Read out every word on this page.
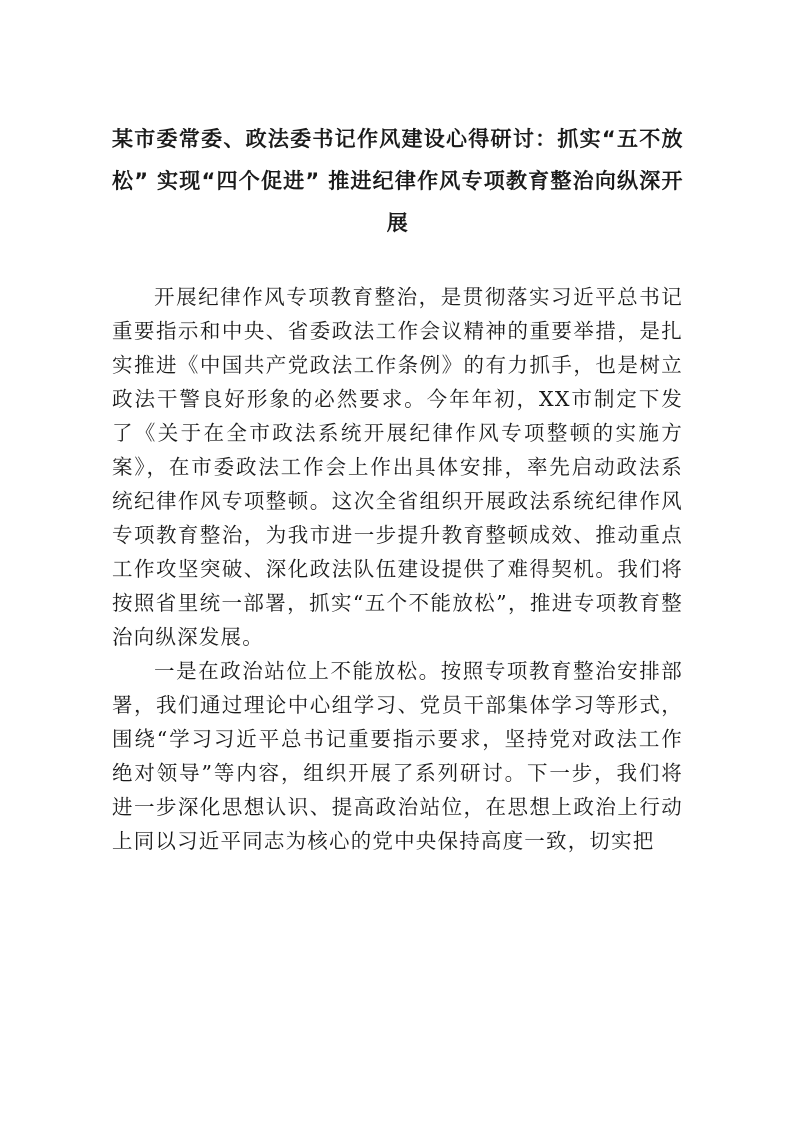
某市委常委、政法委书记作风建设心得研讨：抓实“五不放松” 实现“四个促进” 推进纪律作风专项教育整治向纵深开展

开展纪律作风专项教育整治，是贯彻落实习近平总书记重要指示和中央、省委政法工作会议精神的重要举措，是扎实推进《中国共产党政法工作条例》的有力抓手，也是树立政法干警良好形象的必然要求。今年年初，XX市制定下发了《关于在全市政法系统开展纪律作风专项整顿的实施方案》，在市委政法工作会上作出具体安排，率先启动政法系统纪律作风专项整顿。这次全省组织开展政法系统纪律作风专项教育整治，为我市进一步提升教育整顿成效、推动重点工作攻坚突破、深化政法队伍建设提供了难得契机。我们将按照省里统一部署，抓实“五个不能放松”，推进专项教育整治向纵深发展。

一是在政治站位上不能放松。按照专项教育整治安排部署，我们通过理论中心组学习、党员干部集体学习等形式，围绕“学习习近平总书记重要指示要求，坚持党对政法工作绝对领导”等内容，组织开展了系列研讨。下一步，我们将进一步深化思想认识、提高政治站位，在思想上政治上行动上同以习近平同志为核心的党中央保持高度一致，切实把
